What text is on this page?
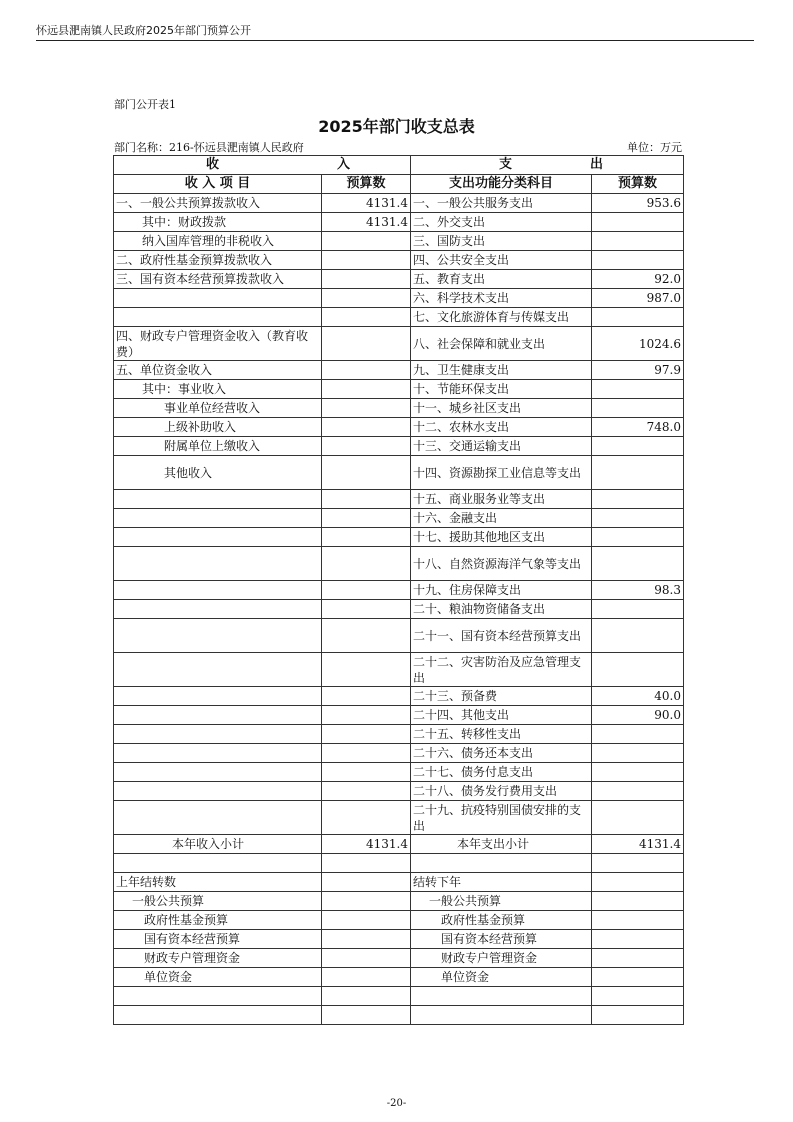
怀远县淝南镇人民政府2025年部门预算公开
部门公开表1
2025年部门收支总表
部门名称：216-怀远县淝南镇人民政府	单位：万元
收 入		支 出	

收 入 项 目	预算数	支出功能分类科目	预算数
一、一般公共预算拨款收入	4131.4	一、一般公共服务支出	953.6
其中：财政拨款	4131.4	二、外交支出	
纳入国库管理的非税收入		三、国防支出	
二、政府性基金预算拨款收入		四、公共安全支出	
三、国有资本经营预算拨款收入		五、教育支出	92.0
		六、科学技术支出	987.0
		七、文化旅游体育与传媒支出	
四、财政专户管理资金收入（教育收费）		八、社会保障和就业支出	1024.6
五、单位资金收入		九、卫生健康支出	97.9
其中：事业收入		十、节能环保支出	
事业单位经营收入		十一、城乡社区支出	
上级补助收入		十二、农林水支出	748.0
附属单位上缴收入		十三、交通运输支出	
其他收入		十四、资源勘探工业信息等支出	
		十五、商业服务业等支出	
		十六、金融支出	
		十七、援助其他地区支出	
		十八、自然资源海洋气象等支出	
		十九、住房保障支出	98.3
		二十、粮油物资储备支出	
		二十一、国有资本经营预算支出	
		二十二、灾害防治及应急管理支出	
		二十三、预备费	40.0
		二十四、其他支出	90.0
		二十五、转移性支出	
		二十六、债务还本支出	
		二十七、债务付息支出	
		二十八、债务发行费用支出	
		二十九、抗疫特别国债安排的支出	
本年收入小计	4131.4	本年支出小计	4131.4

上年结转数		结转下年	
一般公共预算		一般公共预算	
政府性基金预算		政府性基金预算	
国有资本经营预算		国有资本经营预算	
财政专户管理资金		财政专户管理资金	
单位资金		单位资金	

-20-
